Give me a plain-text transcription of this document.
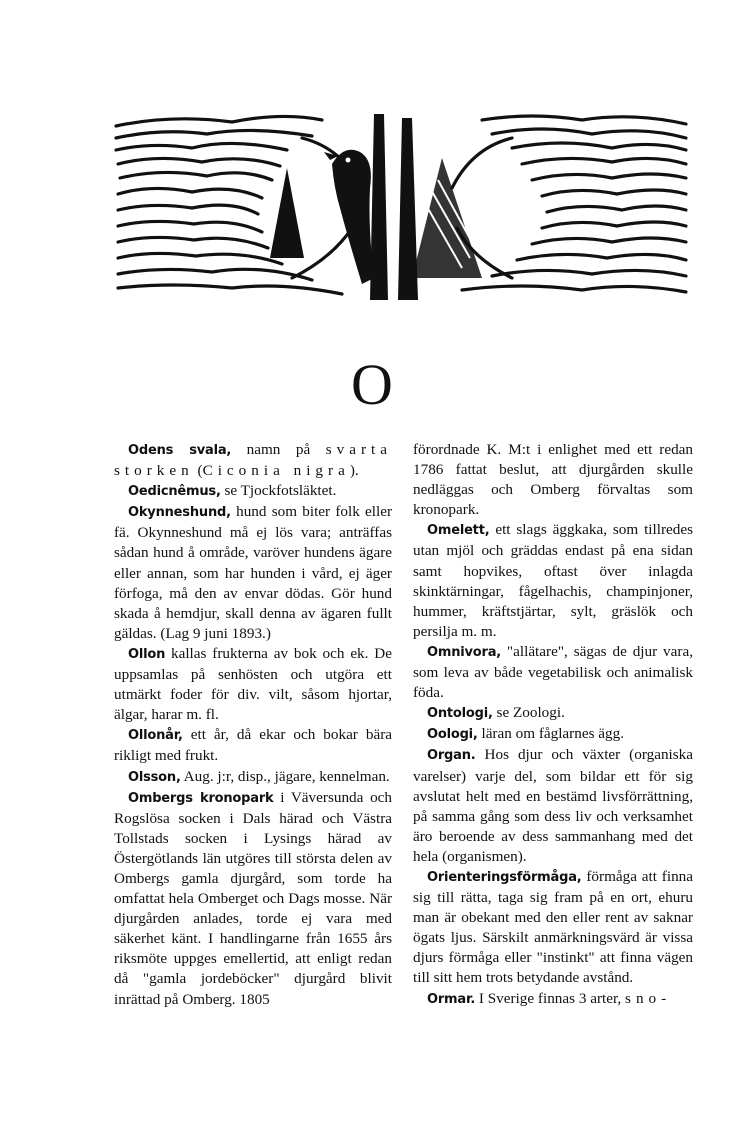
O

Odens svala, namn på svarta storken (Ciconia nigra).

Oedicnêmus, se Tjockfotsläktet.

Okynneshund, hund som biter folk eller fä. Okynneshund må ej lös vara; anträffas sådan hund å område, varöver hundens ägare eller annan, som har hunden i vård, ej äger förfoga, må den av envar dödas. Gör hund skada å hemdjur, skall denna av ägaren fullt gäldas. (Lag 9 juni 1893.)

Ollon kallas frukterna av bok och ek. De uppsamlas på senhösten och utgöra ett utmärkt foder för div. vilt, såsom hjortar, älgar, harar m. fl.

Ollonår, ett år, då ekar och bokar bära rikligt med frukt.

Olsson, Aug. j:r, disp., jägare, kennelman.

Ombergs kronopark i Väversunda och Rogslösa socken i Dals härad och Västra Tollstads socken i Lysings härad av Östergötlands län utgöres till största delen av Ombergs gamla djurgård, som torde ha omfattat hela Omberget och Dags mosse. När djurgården anlades, torde ej vara med säkerhet känt. I handlingarne från 1655 års riksmöte uppges emellertid, att enligt redan då "gamla jordeböcker" djurgård blivit inrättad på Omberg. 1805

förordnade K. M:t i enlighet med ett redan 1786 fattat beslut, att djurgården skulle nedläggas och Omberg förvaltas som kronopark.

Omelett, ett slags äggkaka, som tillredes utan mjöl och gräddas endast på ena sidan samt hopvikes, oftast över inlagda skinktärningar, fågelhachis, champinjoner, hummer, kräftstjärtar, sylt, gräslök och persilja m. m.

Omnivora, "allätare", sägas de djur vara, som leva av både vegetabilisk och animalisk föda.

Ontologi, se Zoologi.

Oologi, läran om fåglarnes ägg.

Organ. Hos djur och växter (organiska varelser) varje del, som bildar ett för sig avslutat helt med en bestämd livsförrättning, på samma gång som dess liv och verksamhet äro beroende av dess sammanhang med det hela (organismen).

Orienteringsförmåga, förmåga att finna sig till rätta, taga sig fram på en ort, ehuru man är obekant med den eller rent av saknar ögats ljus. Särskilt anmärkningsvärd är vissa djurs förmåga eller "instinkt" att finna vägen till sitt hem trots betydande avstånd.

Ormar. I Sverige finnas 3 arter, sno-
